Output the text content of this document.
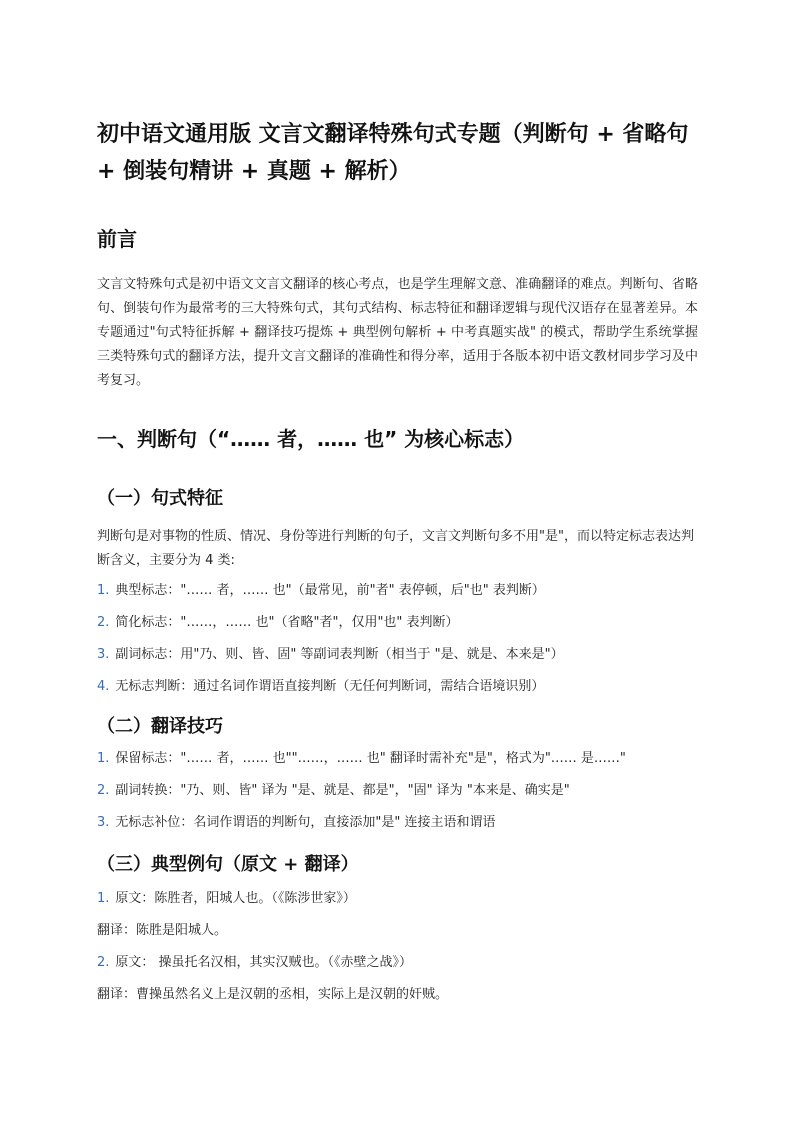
初中语文通用版 文言文翻译特殊句式专题（判断句 + 省略句 + 倒装句精讲 + 真题 + 解析）
前言

文言文特殊句式是初中语文文言文翻译的核心考点，也是学生理解文意、准确翻译的难点。判断句、省略句、倒装句作为最常考的三大特殊句式，其句式结构、标志特征和翻译逻辑与现代汉语存在显著差异。本专题通过"句式特征拆解 + 翻译技巧提炼 + 典型例句解析 + 中考真题实战" 的模式，帮助学生系统掌握三类特殊句式的翻译方法，提升文言文翻译的准确性和得分率，适用于各版本初中语文教材同步学习及中考复习。

一、判断句（“…… 者，…… 也” 为核心标志）
（一）句式特征

判断句是对事物的性质、情况、身份等进行判断的句子，文言文判断句多不用"是"，而以特定标志表达判断含义，主要分为 4 类:

1. 典型标志："…… 者，…… 也"（最常见，前"者" 表停顿，后"也" 表判断）
2. 简化标志："……，…… 也"（省略"者"，仅用"也" 表判断）
3. 副词标志：用"乃、则、皆、固" 等副词表判断（相当于 "是、就是、本来是"）
4. 无标志判断：通过名词作谓语直接判断（无任何判断词，需结合语境识别）
（二）翻译技巧
1. 保留标志："…… 者，…… 也""……，…… 也" 翻译时需补充"是"，格式为"…… 是……"
2. 副词转换："乃、则、皆" 译为 "是、就是、都是"，"固" 译为 "本来是、确实是"
3. 无标志补位：名词作谓语的判断句，直接添加"是" 连接主语和谓语
（三）典型例句（原文 + 翻译）
1. 原文：陈胜者，阳城人也。（《陈涉世家》）
翻译：陈胜是阳城人。
2. 原文： 操虽托名汉相，其实汉贼也。（《赤壁之战》）
翻译：曹操虽然名义上是汉朝的丞相，实际上是汉朝的奸贼。
